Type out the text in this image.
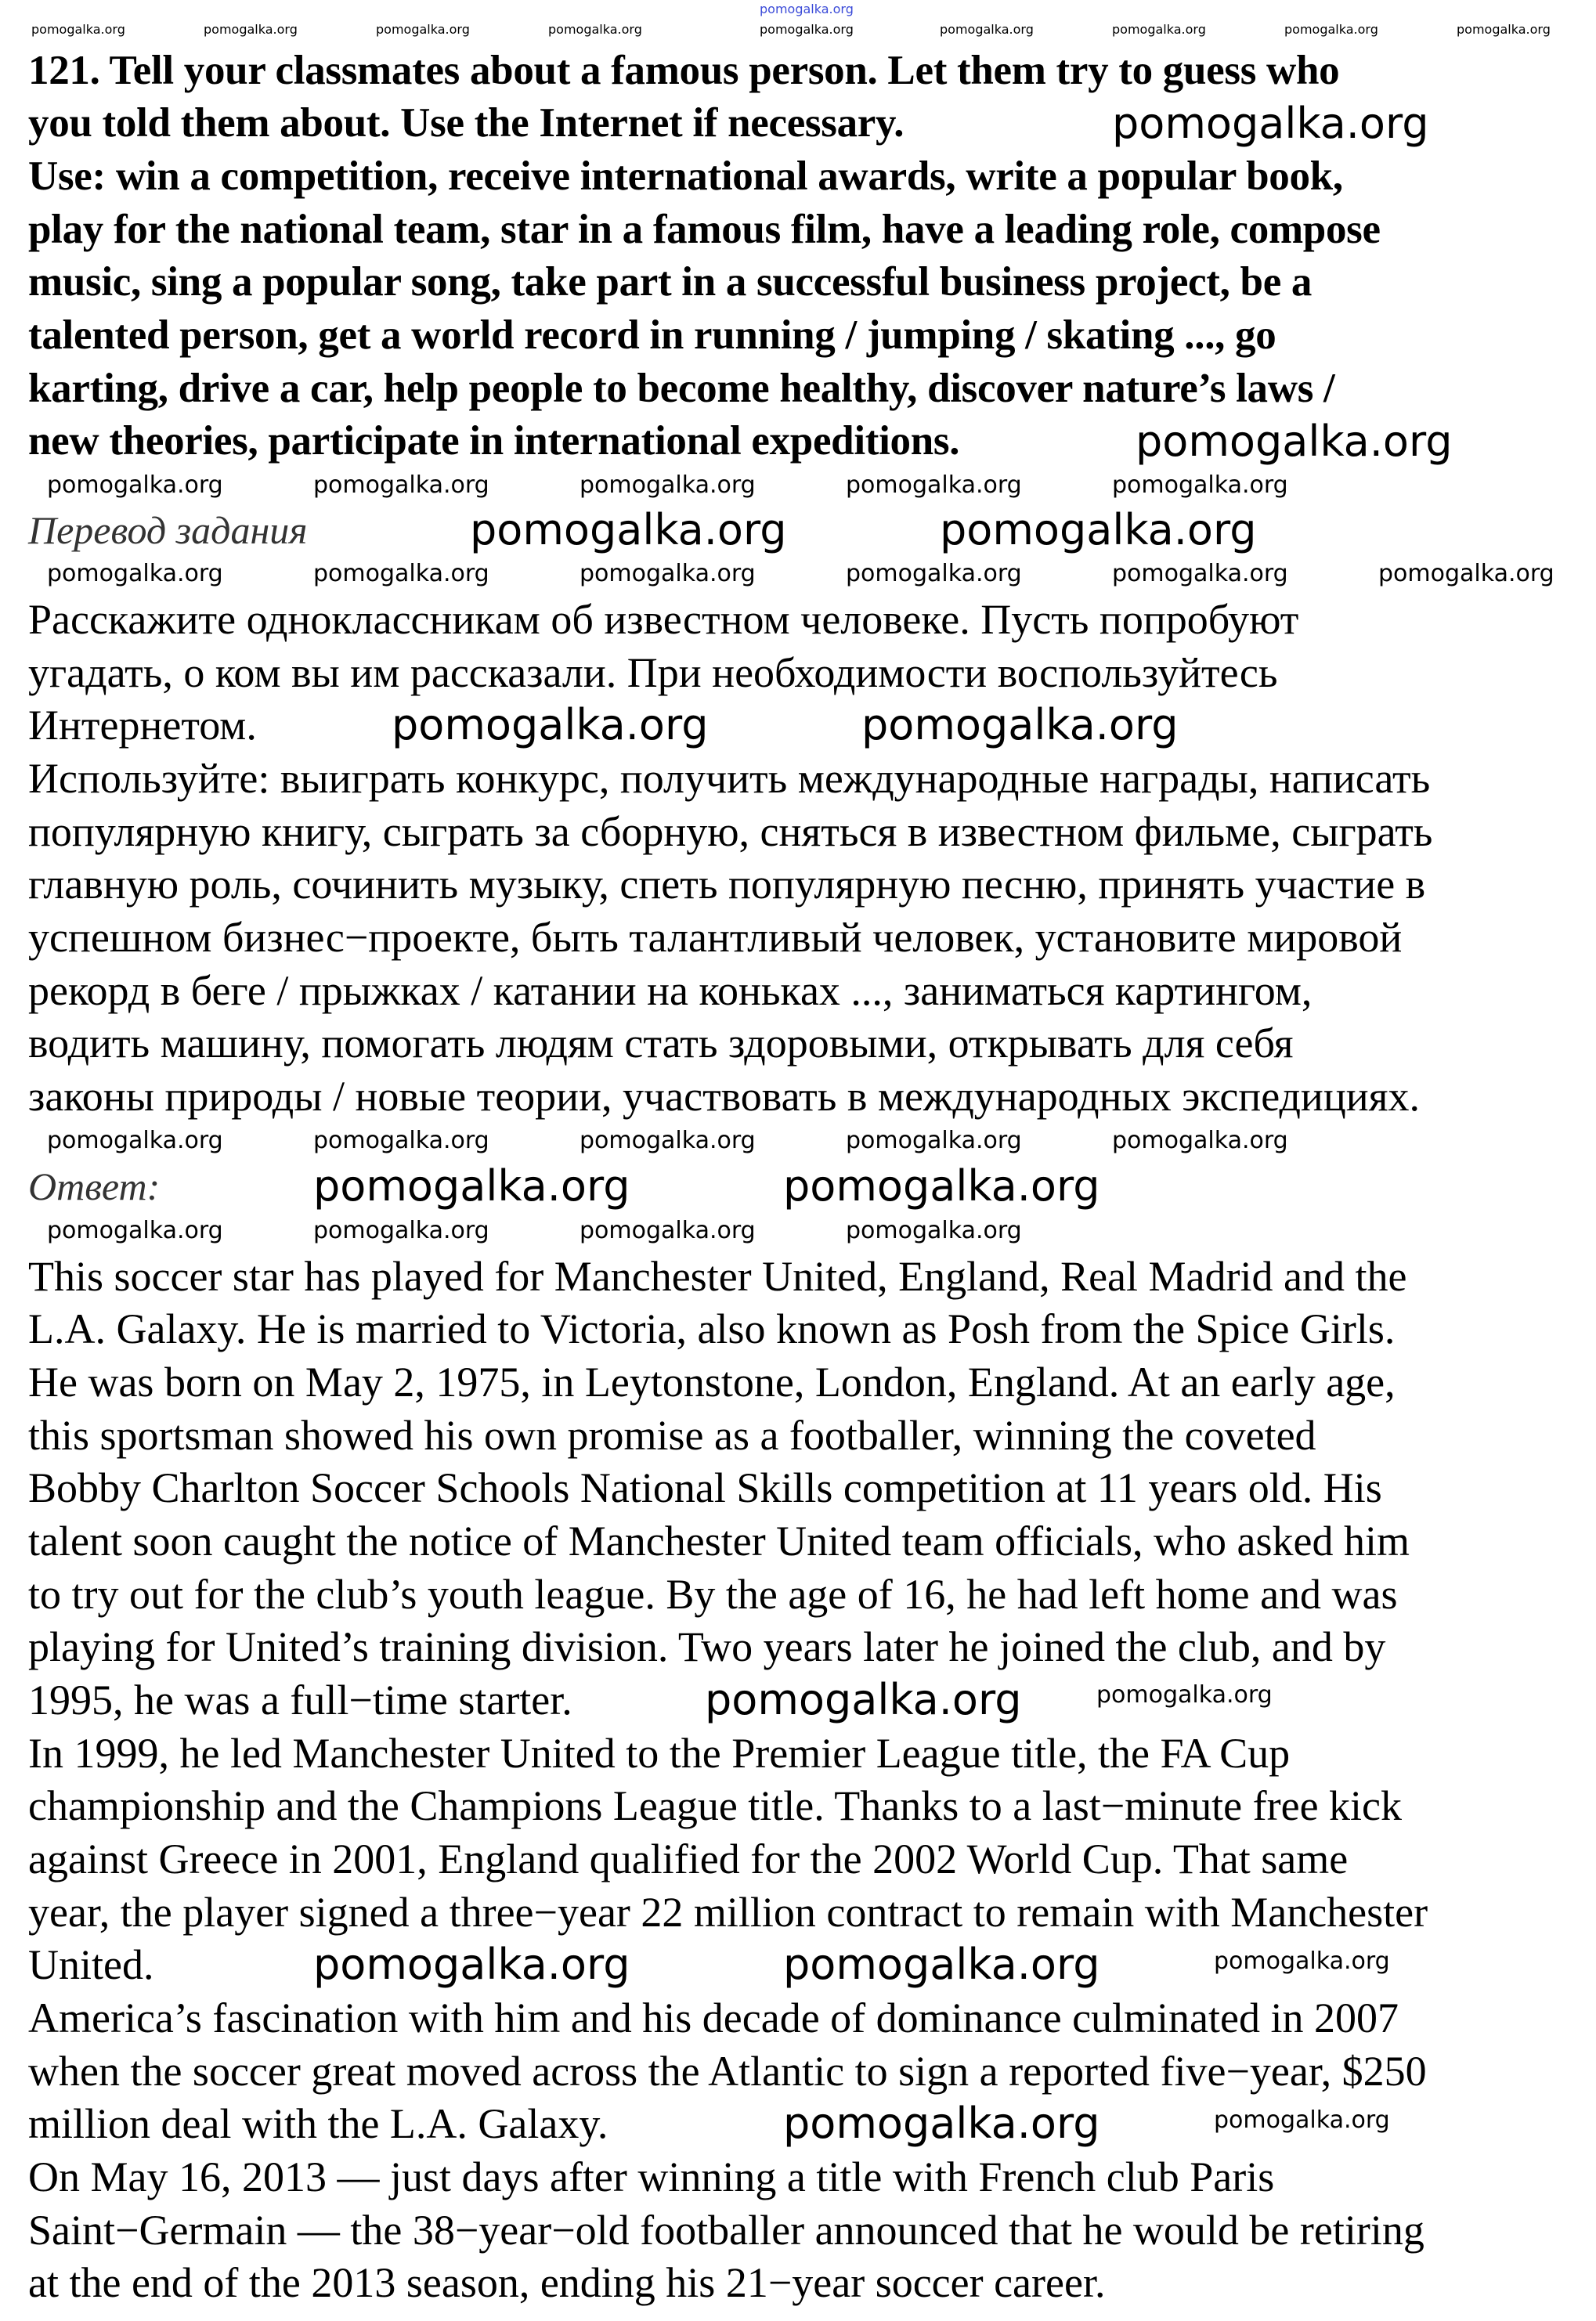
121. Tell your classmates about a famous person. Let them try to guess who
you told them about. Use the Internet if necessary.
Use: win a competition, receive international awards, write a popular book,
play for the national team, star in a famous film, have a leading role, compose
music, sing a popular song, take part in a successful business project, be a
talented person, get a world record in running / jumping / skating ..., go
karting, drive a car, help people to become healthy, discover nature’s laws /
new theories, participate in international expeditions.
Перевод задания
Расскажите одноклассникам об известном человеке. Пусть попробуют
угадать, о ком вы им рассказали. При необходимости воспользуйтесь
Интернетом.
Используйте: выиграть конкурс, получить международные награды, написать
популярную книгу, сыграть за сборную, сняться в известном фильме, сыграть
главную роль, сочинить музыку, спеть популярную песню, принять участие в
успешном бизнес−проекте, быть талантливый человек, установите мировой
рекорд в беге / прыжках / катании на коньках ..., заниматься картингом,
водить машину, помогать людям стать здоровыми, открывать для себя
законы природы / новые теории, участвовать в международных экспедициях.
Ответ:
This soccer star has played for Manchester United, England, Real Madrid and the
L.A. Galaxy. He is married to Victoria, also known as Posh from the Spice Girls.
He was born on May 2, 1975, in Leytonstone, London, England. At an early age,
this sportsman showed his own promise as a footballer, winning the coveted
Bobby Charlton Soccer Schools National Skills competition at 11 years old. His
talent soon caught the notice of Manchester United team officials, who asked him
to try out for the club’s youth league. By the age of 16, he had left home and was
playing for United’s training division. Two years later he joined the club, and by
1995, he was a full−time starter.
In 1999, he led Manchester United to the Premier League title, the FA Cup
championship and the Champions League title. Thanks to a last−minute free kick
against Greece in 2001, England qualified for the 2002 World Cup. That same
year, the player signed a three−year 22 million contract to remain with Manchester
United.
America’s fascination with him and his decade of dominance culminated in 2007
when the soccer great moved across the Atlantic to sign a reported five−year, $250
million deal with the L.A. Galaxy.
On May 16, 2013 — just days after winning a title with French club Paris
Saint−Germain — the 38−year−old footballer announced that he would be retiring
at the end of the 2013 season, ending his 21−year soccer career.
pomogalka.org
pomogalka.org	pomogalka.org	pomogalka.org	pomogalka.org	pomogalka.org	pomogalka.org	pomogalka.org	pomogalka.org
pomogalka.org
pomogalka.org
pomogalka.org
pomogalka.org	pomogalka.org	pomogalka.org	pomogalka.org	pomogalka.org
pomogalka.org	pomogalka.org
pomogalka.org	pomogalka.org	pomogalka.org	pomogalka.org	pomogalka.org	pomogalka.org
pomogalka.org	pomogalka.org
pomogalka.org	pomogalka.org	pomogalka.org	pomogalka.org	pomogalka.org
pomogalka.org	pomogalka.org
pomogalka.org	pomogalka.org	pomogalka.org	pomogalka.org
pomogalka.org	pomogalka.org
pomogalka.org	pomogalka.org	pomogalka.org
pomogalka.org	pomogalka.org
